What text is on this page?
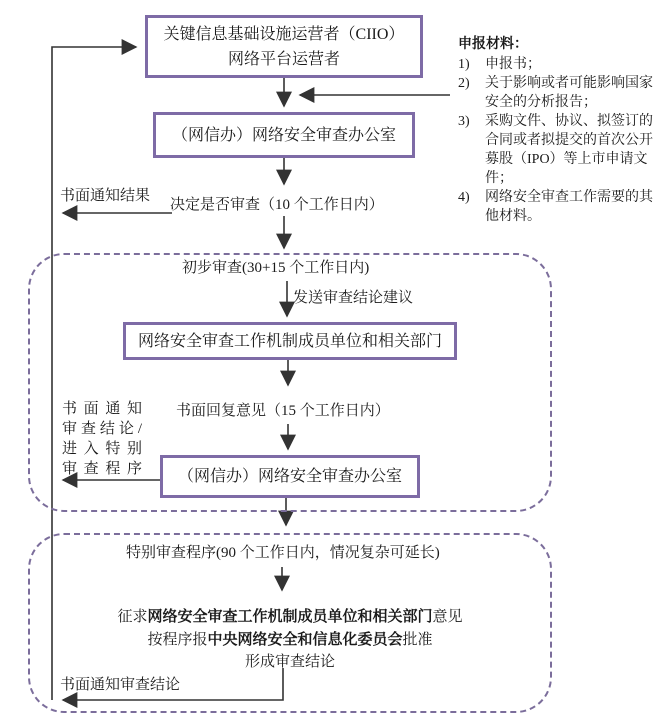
关键信息基础设施运营者（CIIO）
网络平台运营者
（网信办）网络安全审查办公室
网络安全审查工作机制成员单位和相关部门
（网信办）网络安全审查办公室
申报材料：
1)	申报书；
2)	关于影响或者可能影响国家安全的分析报告；
3)	采购文件、协议、拟签订的合同或者拟提交的首次公开募股（IPO）等上市申请文件；
4)	网络安全审查工作需要的其他材料。
书面通知结果
决定是否审查（10 个工作日内）
初步审查(30+15 个工作日内)
发送审查结论建议
书面回复意见（15 个工作日内）
书面通知
审查结论/
进入特别
审查程序
特别审查程序(90 个工作日内，情况复杂可延长)
征求网络安全审查工作机制成员单位和相关部门意见
按程序报中央网络安全和信息化委员会批准
形成审查结论
书面通知审查结论
